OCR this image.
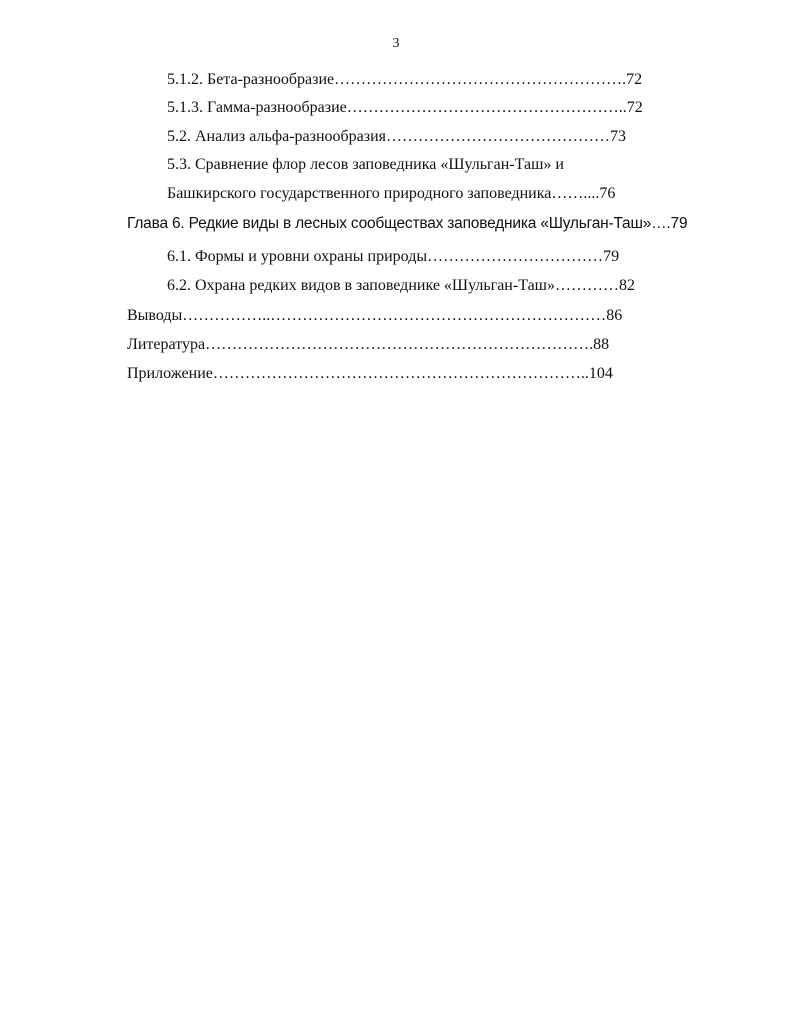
3
5.1.2. Бета-разнообразие……………………………………………….72
5.1.3. Гамма-разнообразие……………………………………………..72
5.2. Анализ альфа-разнообразия……………………………………73
5.3. Сравнение флор лесов заповедника «Шульган-Таш» и
Башкирского государственного природного заповедника……....76
Глава 6. Редкие виды в лесных сообществах заповедника «Шульган-Таш»….79
6.1. Формы и уровни охраны природы……………………………79
6.2. Охрана редких видов в заповеднике «Шульган-Таш»…………82
Выводы……………..………………………………………………………86
Литература……………………………………………………………….88
Приложение……………………………………………………………..104
